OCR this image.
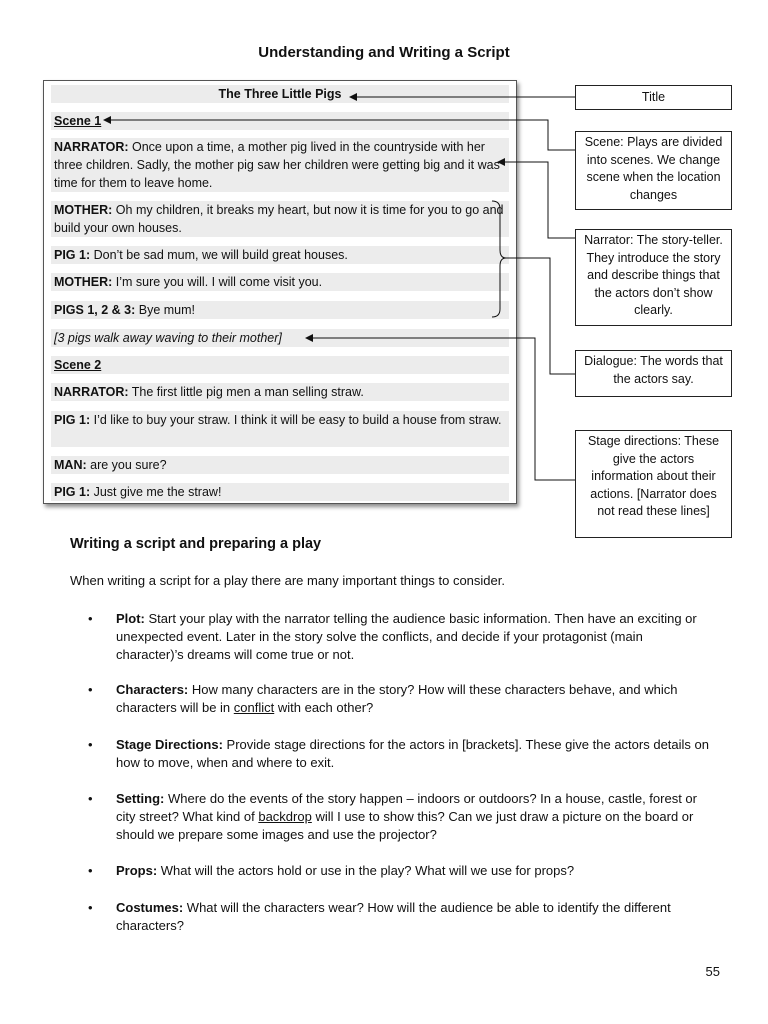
Understanding and Writing a Script
The Three Little Pigs
Scene 1
NARRATOR: Once upon a time, a mother pig lived in the countryside with her three children. Sadly, the mother pig saw her children were getting big and it was time for them to leave home.
MOTHER: Oh my children, it breaks my heart, but now it is time for you to go and build your own houses.
PIG 1: Don’t be sad mum, we will build great houses.
MOTHER: I’m sure you will. I will come visit you.
PIGS 1, 2 & 3: Bye mum!
[3 pigs walk away waving to their mother]
Scene 2
NARRATOR: The first little pig men a man selling straw.
PIG 1: I’d like to buy your straw. I think it will be easy to build a house from straw.
MAN: are you sure?
PIG 1: Just give me the straw!
Title
Scene: Plays are divided into scenes. We change scene when the location changes
Narrator: The story-teller. They introduce the story and describe things that the actors don’t show clearly.
Dialogue: The words that the actors say.
Stage directions: These give the actors information about their actions. [Narrator does not read these lines]
Writing a script and preparing a play
When writing a script for a play there are many important things to consider.
• Plot: Start your play with the narrator telling the audience basic information. Then have an exciting or unexpected event. Later in the story solve the conflicts, and decide if your protagonist (main character)’s dreams will come true or not.
• Characters: How many characters are in the story? How will these characters behave, and which characters will be in conflict with each other?
• Stage Directions: Provide stage directions for the actors in [brackets]. These give the actors details on how to move, when and where to exit.
• Setting: Where do the events of the story happen – indoors or outdoors? In a house, castle, forest or city street? What kind of backdrop will I use to show this? Can we just draw a picture on the board or should we prepare some images and use the projector?
• Props: What will the actors hold or use in the play? What will we use for props?
• Costumes: What will the characters wear? How will the audience be able to identify the different characters?
55
